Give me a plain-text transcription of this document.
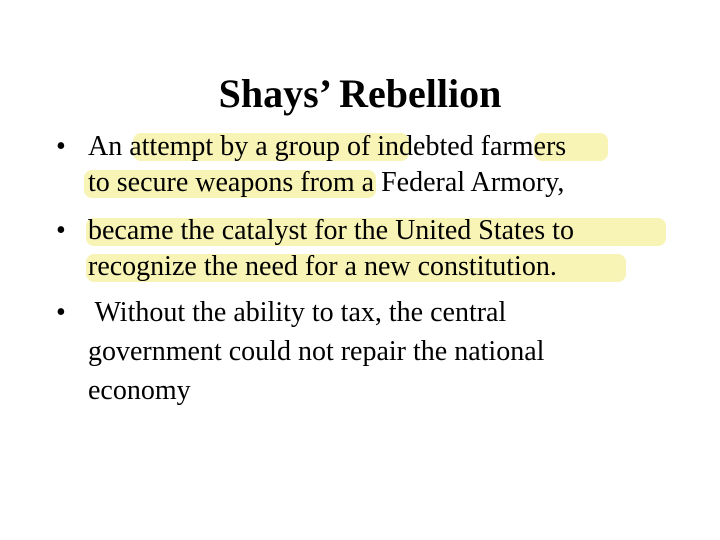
Shays’ Rebellion
• An attempt by a group of indebted farmers

to secure weapons from a Federal Armory,

• became the catalyst for the United States to

recognize the need for a new constitution.

• Without the ability to tax, the central

government could not repair the national

economy
